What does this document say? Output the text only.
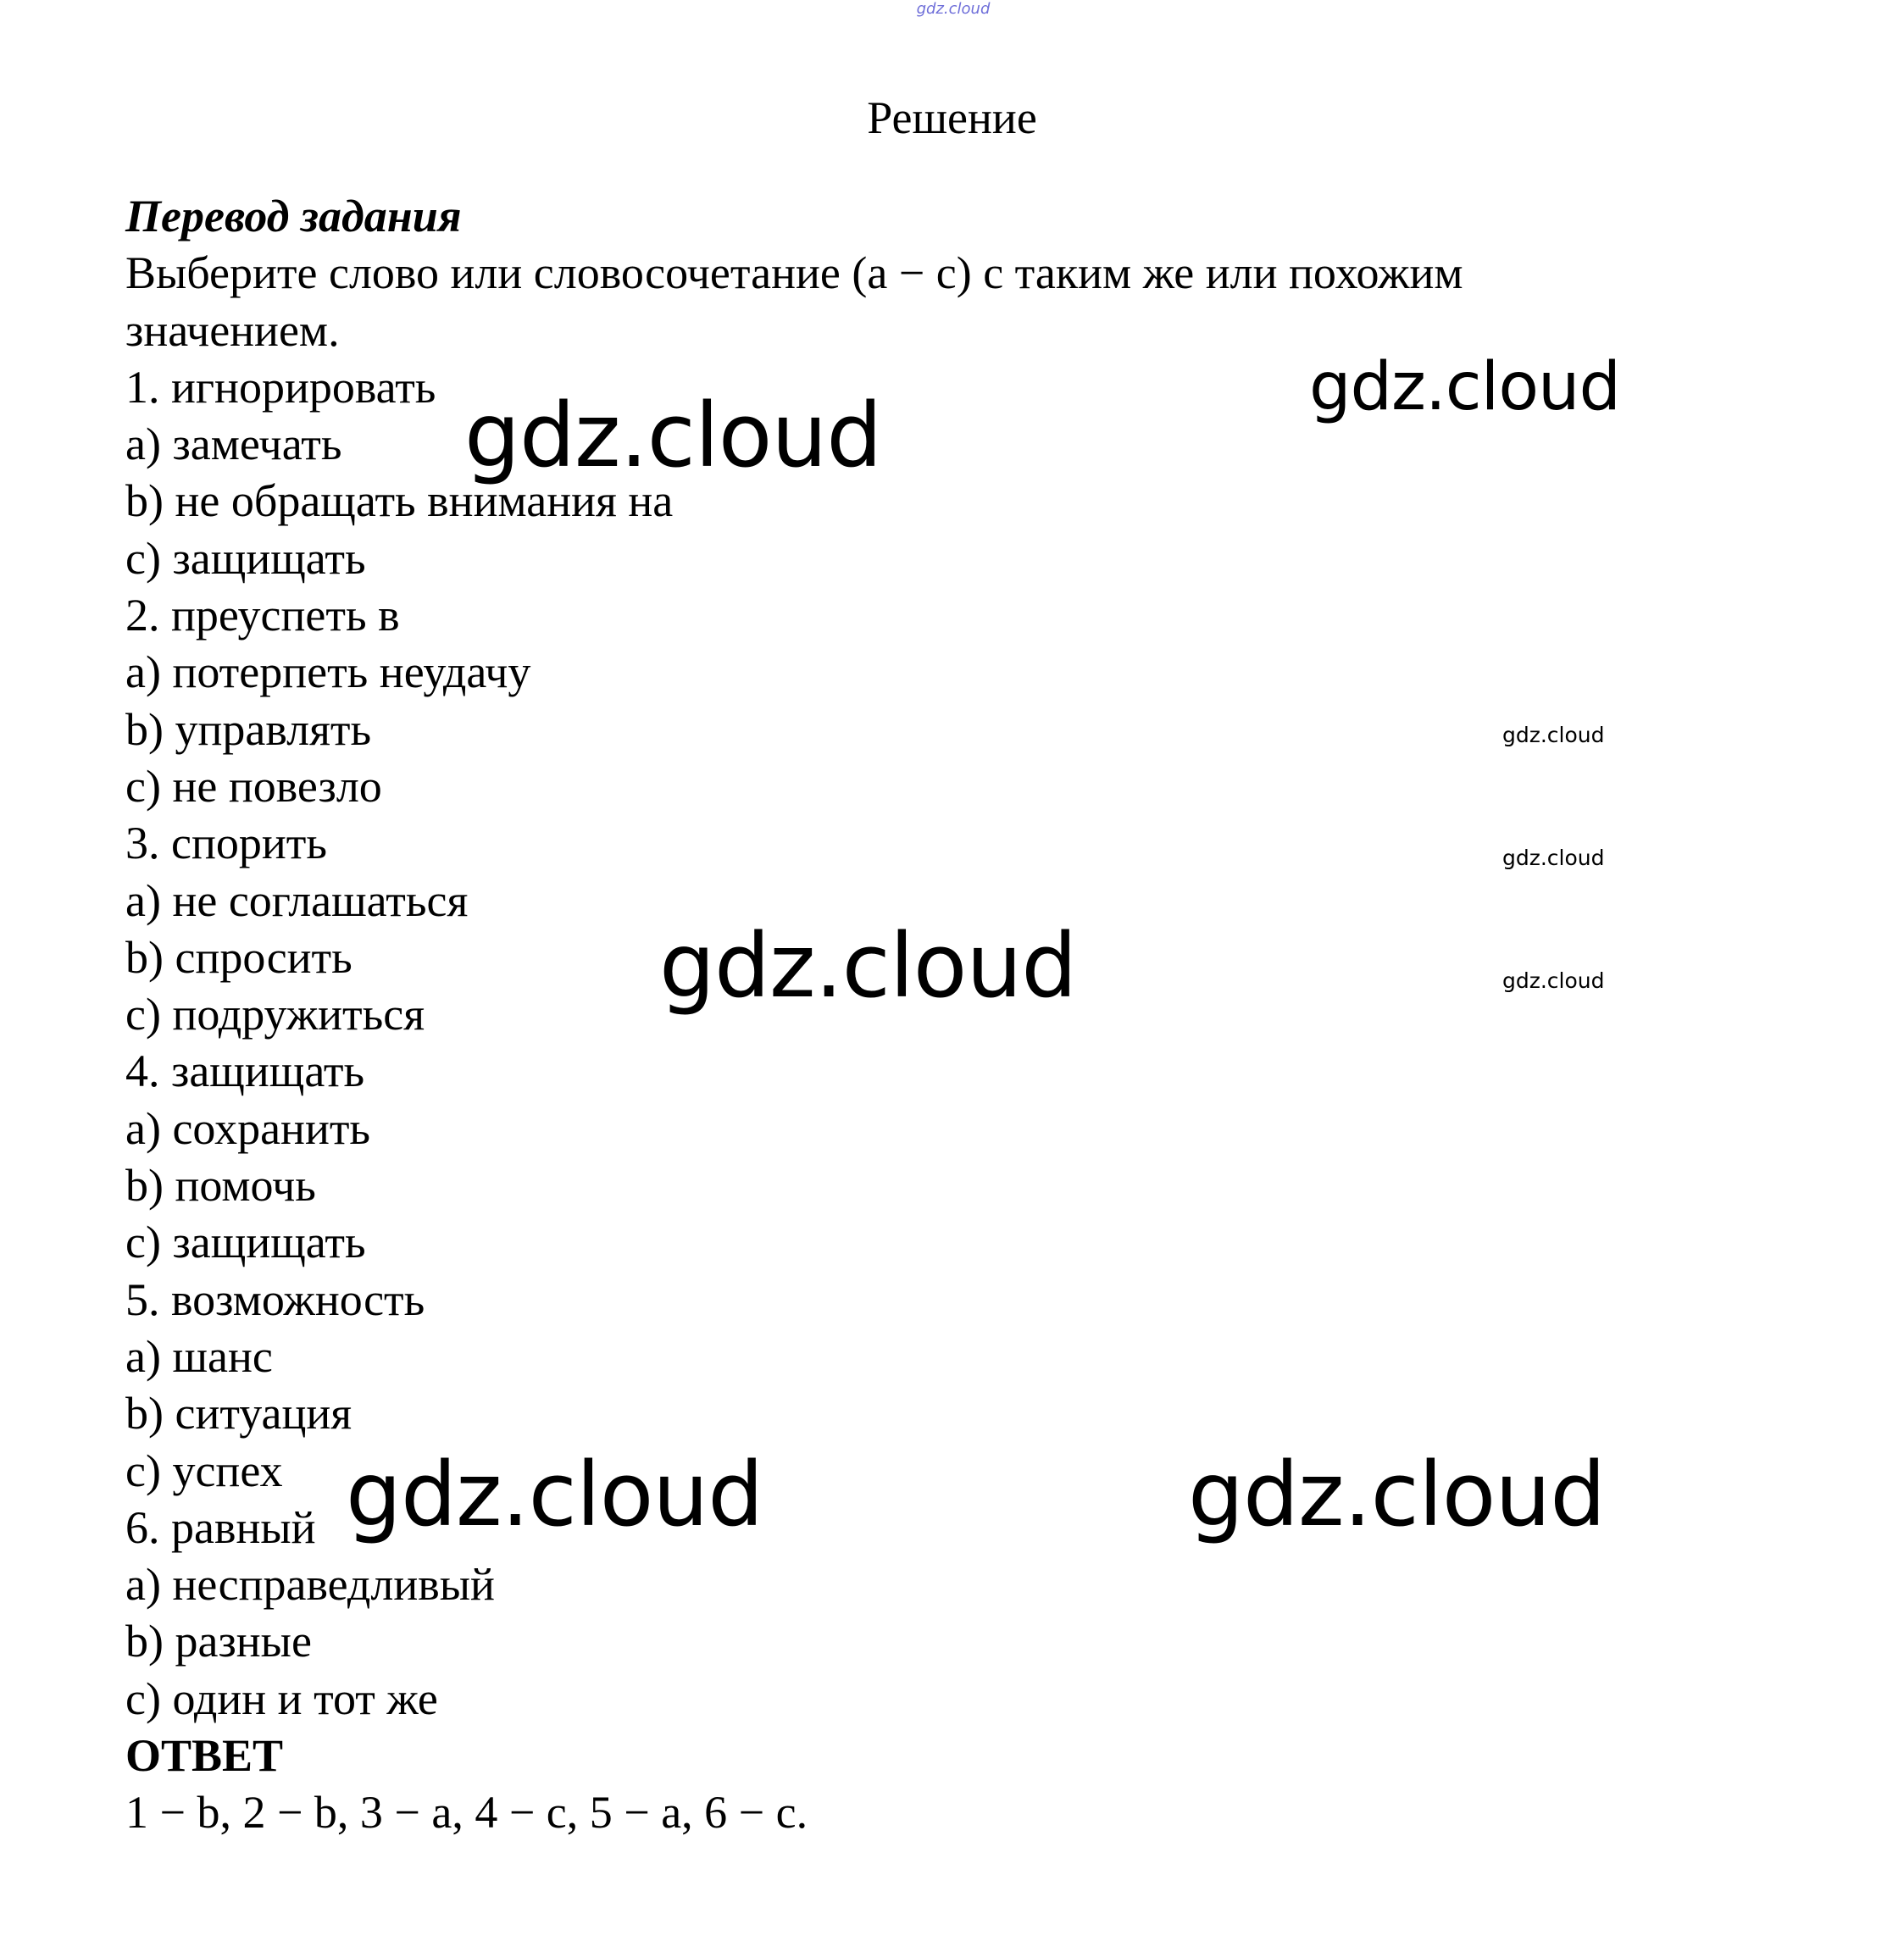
gdz.cloud
Решение
Перевод задания
Выберите слово или словосочетание (a − c) с таким же или похожим
значением.
1. игнорировать
a) замечать
b) не обращать внимания на
c) защищать
2. преуспеть в
a) потерпеть неудачу
b) управлять
c) не повезло
3. спорить
a) не соглашаться
b) спросить
c) подружиться
4. защищать
a) сохранить
b) помочь
c) защищать
5. возможность
a) шанс
b) ситуация
c) успех
6. равный
a) несправедливый
b) разные
c) один и тот же
ОТВЕТ
1 − b, 2 − b, 3 − a, 4 − c, 5 − a, 6 − c.
gdz.cloud
gdz.cloud
gdz.cloud
gdz.cloud
gdz.cloud	gdz.cloud
gdz.cloud	gdz.cloud
